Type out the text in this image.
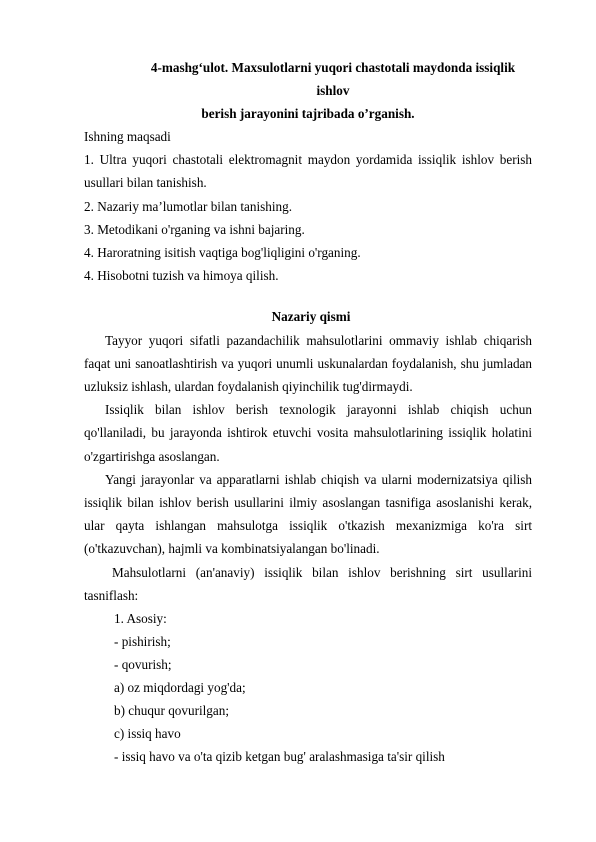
4-mashg‘ulot. Maxsulotlarni yuqori chastotali maydonda issiqlik ishlov
berish jarayonini tajribada o’rganish.

Ishning maqsadi

1. Ultra yuqori chastotali elektromagnit maydon yordamida issiqlik ishlov berish usullari bilan tanishish.

2. Nazariy ma’lumotlar bilan tanishing.

3. Metodikani o'rganing va ishni bajaring.

4. Haroratning isitish vaqtiga bog'liqligini o'rganing.

4. Hisobotni tuzish va himoya qilish.

Nazariy qismi

Tayyor yuqori sifatli pazandachilik mahsulotlarini ommaviy ishlab chiqarish faqat uni sanoatlashtirish va yuqori unumli uskunalardan foydalanish, shu jumladan uzluksiz ishlash, ulardan foydalanish qiyinchilik tug'dirmaydi.

Issiqlik bilan ishlov berish texnologik jarayonni ishlab chiqish uchun qo'llaniladi, bu jarayonda ishtirok etuvchi vosita mahsulotlarining issiqlik holatini o'zgartirishga asoslangan.

Yangi jarayonlar va apparatlarni ishlab chiqish va ularni modernizatsiya qilish issiqlik bilan ishlov berish usullarini ilmiy asoslangan tasnifiga asoslanishi kerak, ular qayta ishlangan mahsulotga issiqlik o'tkazish mexanizmiga ko'ra sirt (o'tkazuvchan), hajmli va kombinatsiyalangan bo'linadi.

Mahsulotlarni (an'anaviy) issiqlik bilan ishlov berishning sirt usullarini tasniflash:

1. Asosiy:

- pishirish;

- qovurish;

a) oz miqdordagi yog'da;

b) chuqur qovurilgan;

c) issiq havo

- issiq havo va o'ta qizib ketgan bug' aralashmasiga ta'sir qilish
